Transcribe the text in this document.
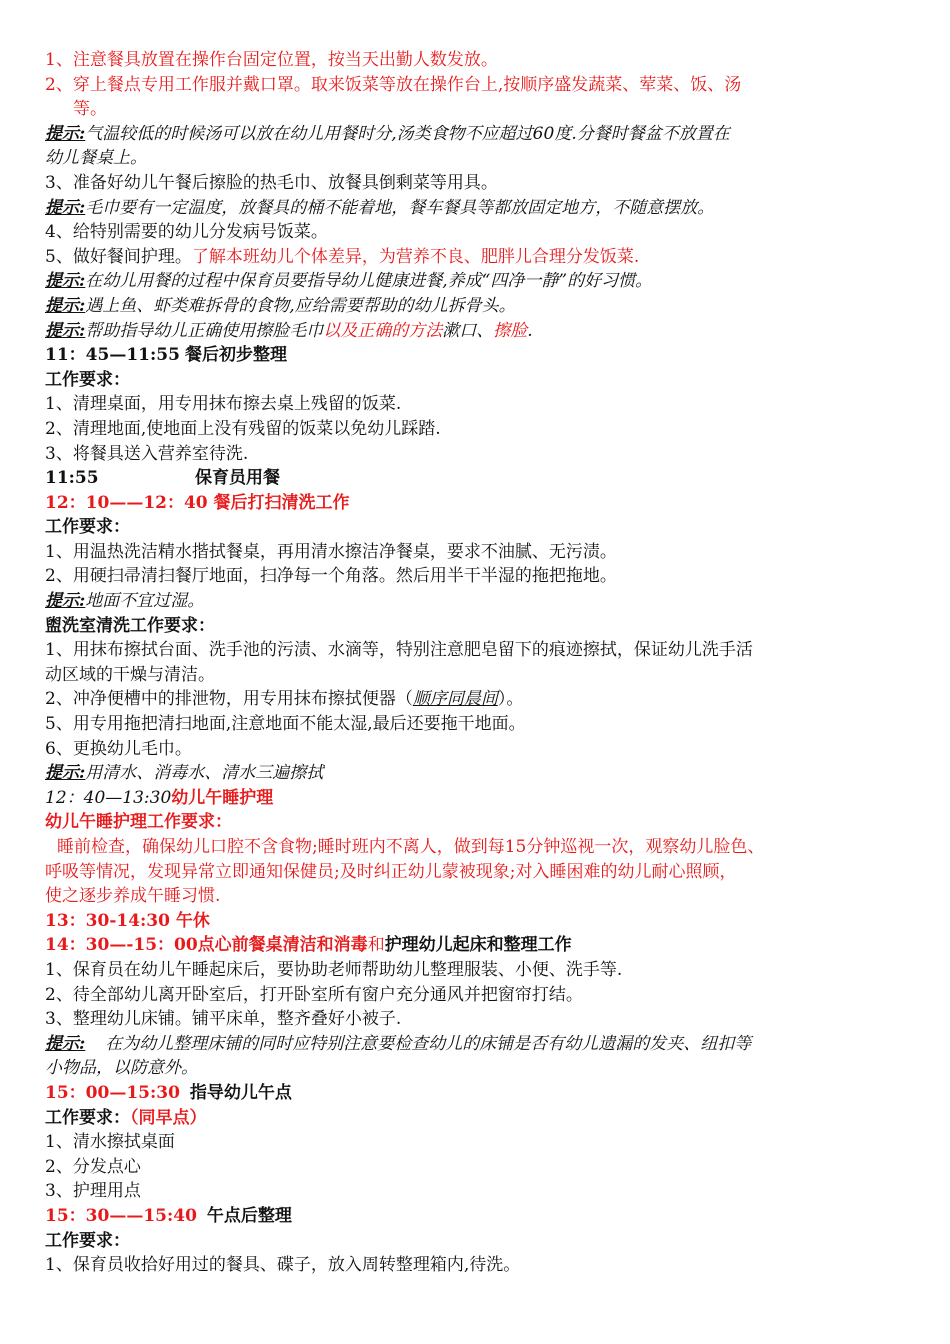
1、注意餐具放置在操作台固定位置，按当天出勤人数发放。
2、穿上餐点专用工作服并戴口罩。取来饭菜等放在操作台上,按顺序盛发蔬菜、荤菜、饭、汤
等。
提示:气温较低的时候汤可以放在幼儿用餐时分,汤类食物不应超过60度.分餐时餐盆不放置在
幼儿餐桌上。
3、准备好幼儿午餐后擦脸的热毛巾、放餐具倒剩菜等用具。
提示:毛巾要有一定温度，放餐具的桶不能着地，餐车餐具等都放固定地方，不随意摆放。
4、给特别需要的幼儿分发病号饭菜。
5、做好餐间护理。了解本班幼儿个体差异，为营养不良、肥胖儿合理分发饭菜.
提示:在幼儿用餐的过程中保育员要指导幼儿健康进餐,养成“四净一静”的好习惯。
提示:遇上鱼、虾类难拆骨的食物,应给需要帮助的幼儿拆骨头。
提示:帮助指导幼儿正确使用擦脸毛巾以及正确的方法漱口、擦脸.
11：45—11:55 餐后初步整理
工作要求：
1、清理桌面，用专用抹布擦去桌上残留的饭菜.
2、清理地面,使地面上没有残留的饭菜以免幼儿踩踏.
3、将餐具送入营养室待洗.
11:55	保育员用餐
12：10——12：40 餐后打扫清洗工作
工作要求：
1、用温热洗洁精水揩拭餐桌，再用清水擦洁净餐桌，要求不油腻、无污渍。
2、用硬扫帚清扫餐厅地面，扫净每一个角落。然后用半干半湿的拖把拖地。
提示:地面不宜过湿。
盥洗室清洗工作要求：
1、用抹布擦拭台面、洗手池的污渍、水滴等，特别注意肥皂留下的痕迹擦拭，保证幼儿洗手活
动区域的干燥与清洁。
2、冲净便槽中的排泄物，用专用抹布擦拭便器（顺序同晨间）。
5、用专用拖把清扫地面,注意地面不能太湿,最后还要拖干地面。
6、更换幼儿毛巾。
提示:用清水、消毒水、清水三遍擦拭
12：40—13:30幼儿午睡护理
幼儿午睡护理工作要求：
睡前检查，确保幼儿口腔不含食物;睡时班内不离人，做到每15分钟巡视一次，观察幼儿脸色、
呼吸等情况，发现异常立即通知保健员;及时纠正幼儿蒙被现象;对入睡困难的幼儿耐心照顾，
使之逐步养成午睡习惯.
13：30-14:30 午休
14：30—-15：00点心前餐桌清洁和消毒和护理幼儿起床和整理工作
1、保育员在幼儿午睡起床后，要协助老师帮助幼儿整理服装、小便、洗手等.
2、待全部幼儿离开卧室后，打开卧室所有窗户充分通风并把窗帘打结。
3、整理幼儿床铺。铺平床单，整齐叠好小被子.
提示: 在为幼儿整理床铺的同时应特别注意要检查幼儿的床铺是否有幼儿遗漏的发夹、纽扣等
小物品，以防意外。
15：00—15:30 指导幼儿午点
工作要求：（同早点）
1、清水擦拭桌面
2、分发点心
3、护理用点
15：30——15:40 午点后整理
工作要求：
1、保育员收拾好用过的餐具、碟子，放入周转整理箱内,待洗。
